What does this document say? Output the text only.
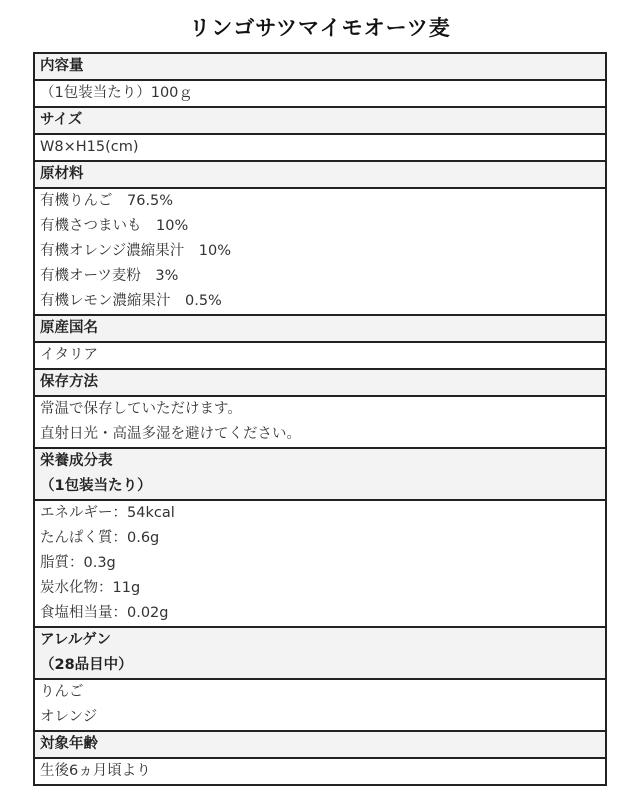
リンゴサツマイモオーツ麦
内容量

（1包装当たり）100ｇ

サイズ

W8×H15(cm)

原材料

有機りんご　76.5%
有機さつまいも　10%
有機オレンジ濃縮果汁　10%
有機オーツ麦粉　3%
有機レモン濃縮果汁　0.5%

原産国名

イタリア

保存方法

常温で保存していただけます。
直射日光・高温多湿を避けてください。

栄養成分表
（1包装当たり）

エネルギー：54kcal
たんぱく質：0.6g
脂質：0.3g
炭水化物：11g
食塩相当量：0.02g

アレルゲン
（28品目中）

りんご
オレンジ

対象年齢

生後6ヵ月頃より
